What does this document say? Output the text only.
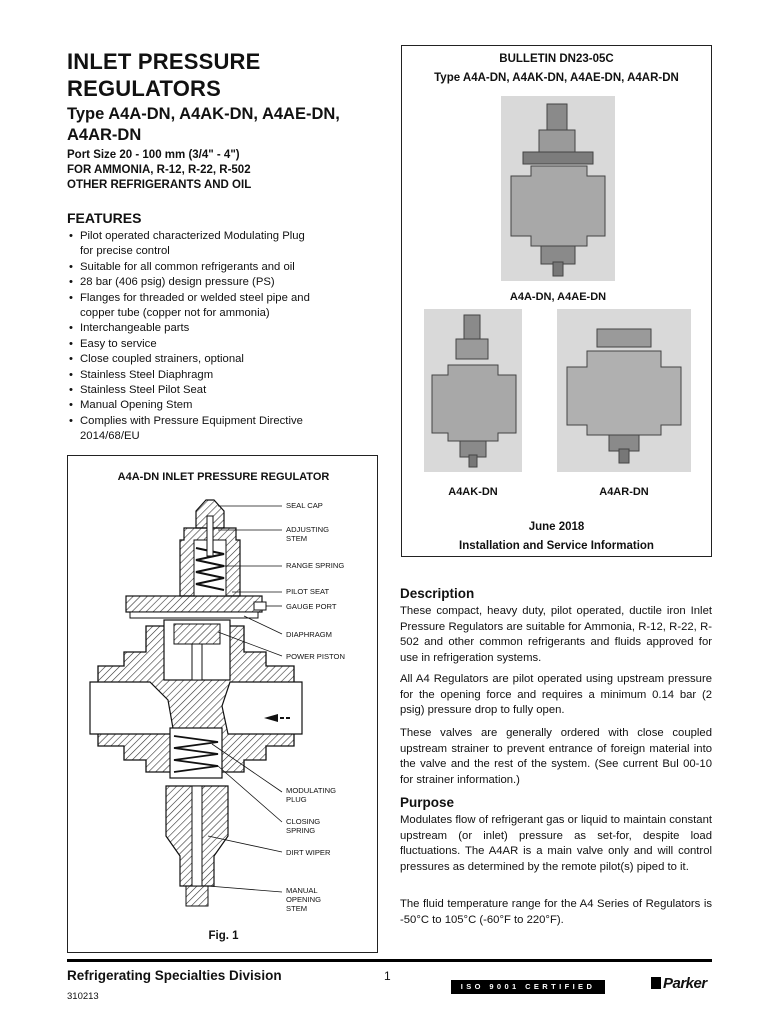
INLET PRESSURE
REGULATORS
Type A4A-DN, A4AK-DN, A4AE-DN,
A4AR-DN
Port Size 20 - 100 mm (3/4" - 4")
FOR AMMONIA, R-12, R-22, R-502
OTHER REFRIGERANTS AND OIL
FEATURES
• Pilot operated characterized Modulating Plug
for precise control
• Suitable for all common refrigerants and oil
• 28 bar (406 psig) design pressure (PS)
• Flanges for threaded or welded steel pipe and
copper tube (copper not for ammonia)
• Interchangeable parts
• Easy to service
• Close coupled strainers, optional
• Stainless Steel Diaphragm
• Stainless Steel Pilot Seat
• Manual Opening Stem
• Complies with Pressure Equipment Directive
2014/68/EU
A4A-DN INLET PRESSURE REGULATOR
SEAL CAP
ADJUSTING
STEM
RANGE SPRING
PILOT SEAT
GAUGE PORT
DIAPHRAGM
POWER PISTON
MODULATING
PLUG
CLOSING
SPRING
DIRT WIPER
MANUAL
OPENING
STEM
Fig. 1
BULLETIN DN23-05C
Type A4A-DN, A4AK-DN, A4AE-DN, A4AR-DN
A4A-DN, A4AE-DN
A4AK-DN	A4AR-DN
June 2018
Installation and Service Information
Description
These compact, heavy duty, pilot operated, ductile iron Inlet Pressure Regulators are suitable for Ammonia, R-12, R-22, R-502 and other common refrigerants and fluids approved for use in refrigeration systems.
All A4 Regulators are pilot operated using upstream pressure for the opening force and requires a minimum 0.14 bar (2 psig) pressure drop to fully open.
These valves are generally ordered with close coupled upstream strainer to prevent entrance of foreign material into the valve and the rest of the system. (See current Bul 00-10 for strainer information.)
Purpose
Modulates flow of refrigerant gas or liquid to maintain constant upstream (or inlet) pressure as set-for, despite load fluctuations. The A4AR is a main valve only and will control pressures as determined by the remote pilot(s) piped to it.
The fluid temperature range for the A4 Series of Regulators is -50°C to 105°C (-60°F to 220°F).
Refrigerating Specialties Division	1
310213
ISO 9001 CERTIFIED	Parker
